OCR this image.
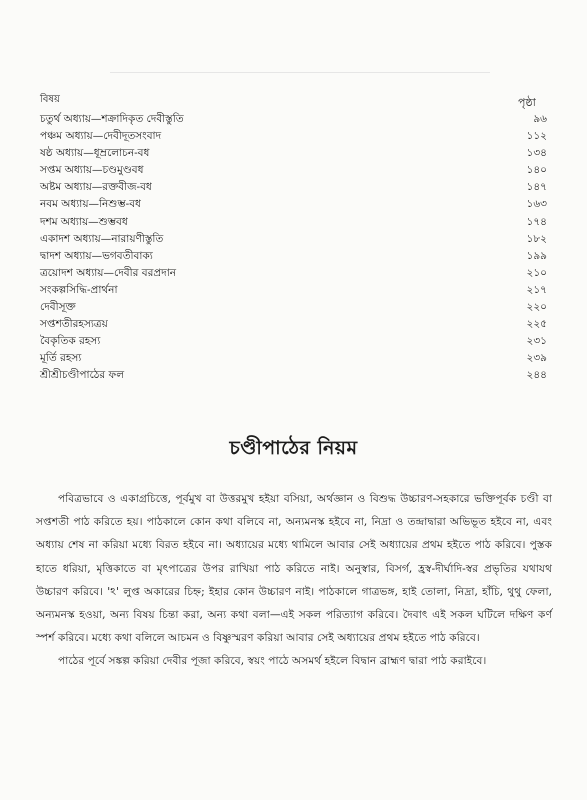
বিষয়	পৃষ্ঠা
চতুর্থ অধ্যায়—শক্রাদিকৃত দেবীস্তুতি	৯৬
পঞ্চম অধ্যায়—দেবীদূতসংবাদ	১১২
ষষ্ঠ অধ্যায়—ধূম্রলোচন-বধ	১৩৪
সপ্তম অধ্যায়—চণ্ডমুণ্ডবধ	১৪০
অষ্টম অধ্যায়—রক্তবীজ-বধ	১৪৭
নবম অধ্যায়—নিশুম্ভ-বধ	১৬৩
দশম অধ্যায়—শুম্ভবধ	১৭৪
একাদশ অধ্যায়—নারায়ণীস্তুতি	১৮২
দ্বাদশ অধ্যায়—ভগবতীবাক্য	১৯৯
ত্রয়োদশ অধ্যায়—দেবীর বরপ্রদান	২১০
সংকল্পসিদ্ধি-প্রার্থনা	২১৭
দেবীসূক্ত	২২০
সপ্তশতীরহস্যত্রয়	২২৫
বৈকৃতিক রহস্য	২৩১
মূর্তি রহস্য	২৩৯
শ্রীশ্রীচণ্ডীপাঠের ফল	২৪৪
চণ্ডীপাঠের নিয়ম

পবিত্রভাবে ও একাগ্রচিত্তে, পূর্বমুখ বা উত্তরমুখ হইয়া বসিয়া, অর্থজ্ঞান ও বিশুদ্ধ উচ্চারণ-সহকারে ভক্তিপূর্বক চণ্ডী বা সপ্তশতী পাঠ করিতে হয়। পাঠকালে কোন কথা বলিবে না, অন্যমনস্ক হইবে না, নিদ্রা ও তন্দ্রাদ্বারা অভিভূত হইবে না, এবং অধ্যায় শেষ না করিয়া মধ্যে বিরত হইবে না। অধ্যায়ের মধ্যে থামিলে আবার সেই অধ্যায়ের প্রথম হইতে পাঠ করিবে। পুস্তক হাতে ধরিয়া, মৃত্তিকাতে বা মৃৎপাত্রের উপর রাখিয়া পাঠ করিতে নাই। অনুস্বার, বিসর্গ, হ্রস্ব-দীর্ঘাদি-স্বর প্রভৃতির যথাযথ উচ্চারণ করিবে। 'ঽ' লুপ্ত অকারের চিহ্ন; ইহার কোন উচ্চারণ নাই। পাঠকালে গাত্রভঙ্গ, হাই তোলা, নিদ্রা, হাঁচি, থুথু ফেলা, অন্যমনস্ক হওয়া, অন্য বিষয় চিন্তা করা, অন্য কথা বলা—এই সকল পরিত্যাগ করিবে। দৈবাৎ এই সকল ঘটিলে দক্ষিণ কর্ণ স্পর্শ করিবে। মধ্যে কথা বলিলে আচমন ও বিষ্ণুস্মরণ করিয়া আবার সেই অধ্যায়ের প্রথম হইতে পাঠ করিবে।

পাঠের পূর্বে সঙ্কল্প করিয়া দেবীর পূজা করিবে, স্বয়ং পাঠে অসমর্থ হইলে বিদ্বান ব্রাহ্মণ দ্বারা পাঠ করাইবে।
